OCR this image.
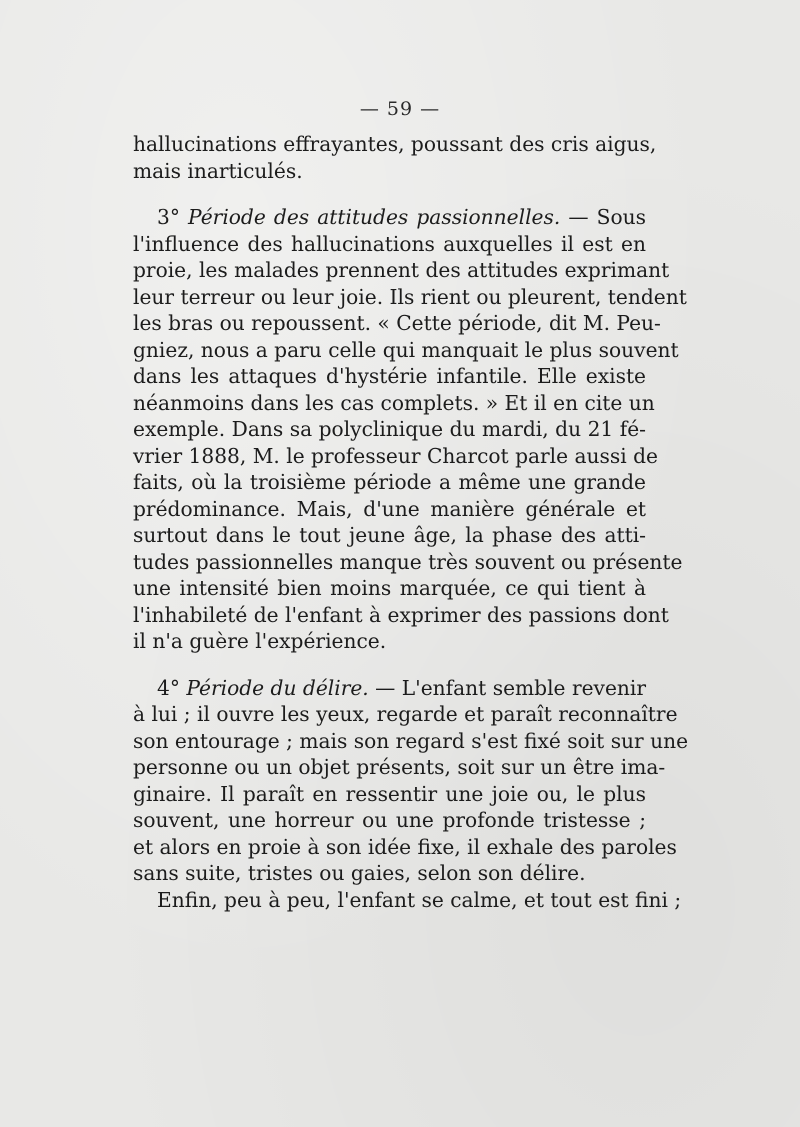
— 59 —
hallucinations effrayantes, poussant des cris aigus,
mais inarticulés.
3° Période des attitudes passionnelles. — Sous
l'influence des hallucinations auxquelles il est en
proie, les malades prennent des attitudes exprimant
leur terreur ou leur joie. Ils rient ou pleurent, tendent
les bras ou repoussent. « Cette période, dit M. Peu-
gniez, nous a paru celle qui manquait le plus souvent
dans les attaques d'hystérie infantile. Elle existe
néanmoins dans les cas complets. » Et il en cite un
exemple. Dans sa polyclinique du mardi, du 21 fé-
vrier 1888, M. le professeur Charcot parle aussi de
faits, où la troisième période a même une grande
prédominance. Mais, d'une manière générale et
surtout dans le tout jeune âge, la phase des atti-
tudes passionnelles manque très souvent ou présente
une intensité bien moins marquée, ce qui tient à
l'inhabileté de l'enfant à exprimer des passions dont
il n'a guère l'expérience.
4° Période du délire. — L'enfant semble revenir
à lui ; il ouvre les yeux, regarde et paraît reconnaître
son entourage ; mais son regard s'est fixé soit sur une
personne ou un objet présents, soit sur un être ima-
ginaire. Il paraît en ressentir une joie ou, le plus
souvent, une horreur ou une profonde tristesse ;
et alors en proie à son idée fixe, il exhale des paroles
sans suite, tristes ou gaies, selon son délire.
Enfin, peu à peu, l'enfant se calme, et tout est fini ;
